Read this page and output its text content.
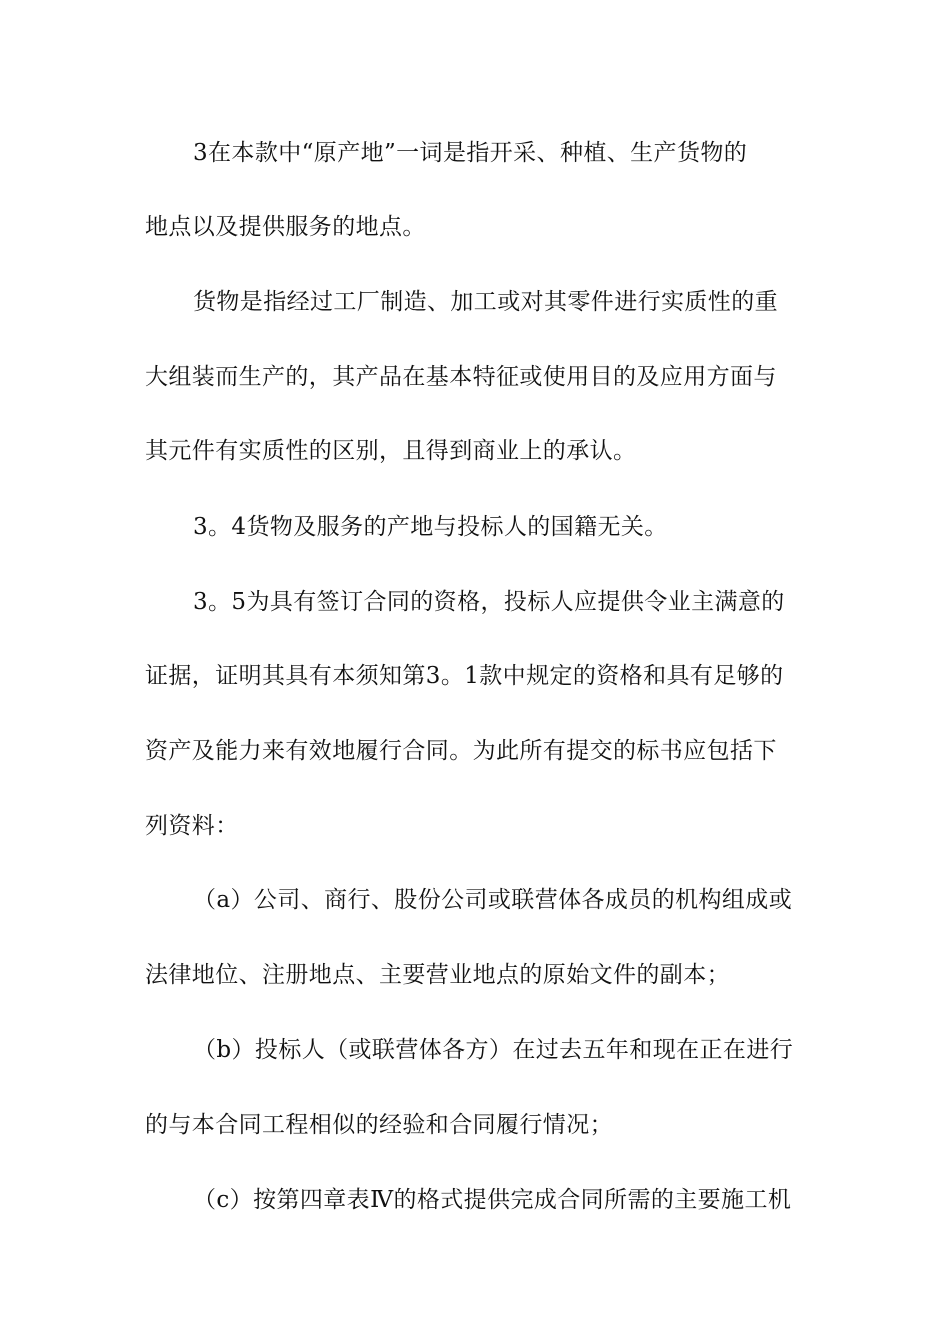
3在本款中“原产地”一词是指开采、种植、生产货物的
地点以及提供服务的地点。
货物是指经过工厂制造、加工或对其零件进行实质性的重
大组装而生产的，其产品在基本特征或使用目的及应用方面与
其元件有实质性的区别，且得到商业上的承认。
3。4货物及服务的产地与投标人的国籍无关。
3。5为具有签订合同的资格，投标人应提供令业主满意的
证据，证明其具有本须知第3。1款中规定的资格和具有足够的
资产及能力来有效地履行合同。为此所有提交的标书应包括下
列资料：
（a）公司、商行、股份公司或联营体各成员的机构组成或
法律地位、注册地点、主要营业地点的原始文件的副本；
（b）投标人（或联营体各方）在过去五年和现在正在进行
的与本合同工程相似的经验和合同履行情况；
（c）按第四章表Ⅳ的格式提供完成合同所需的主要施工机
